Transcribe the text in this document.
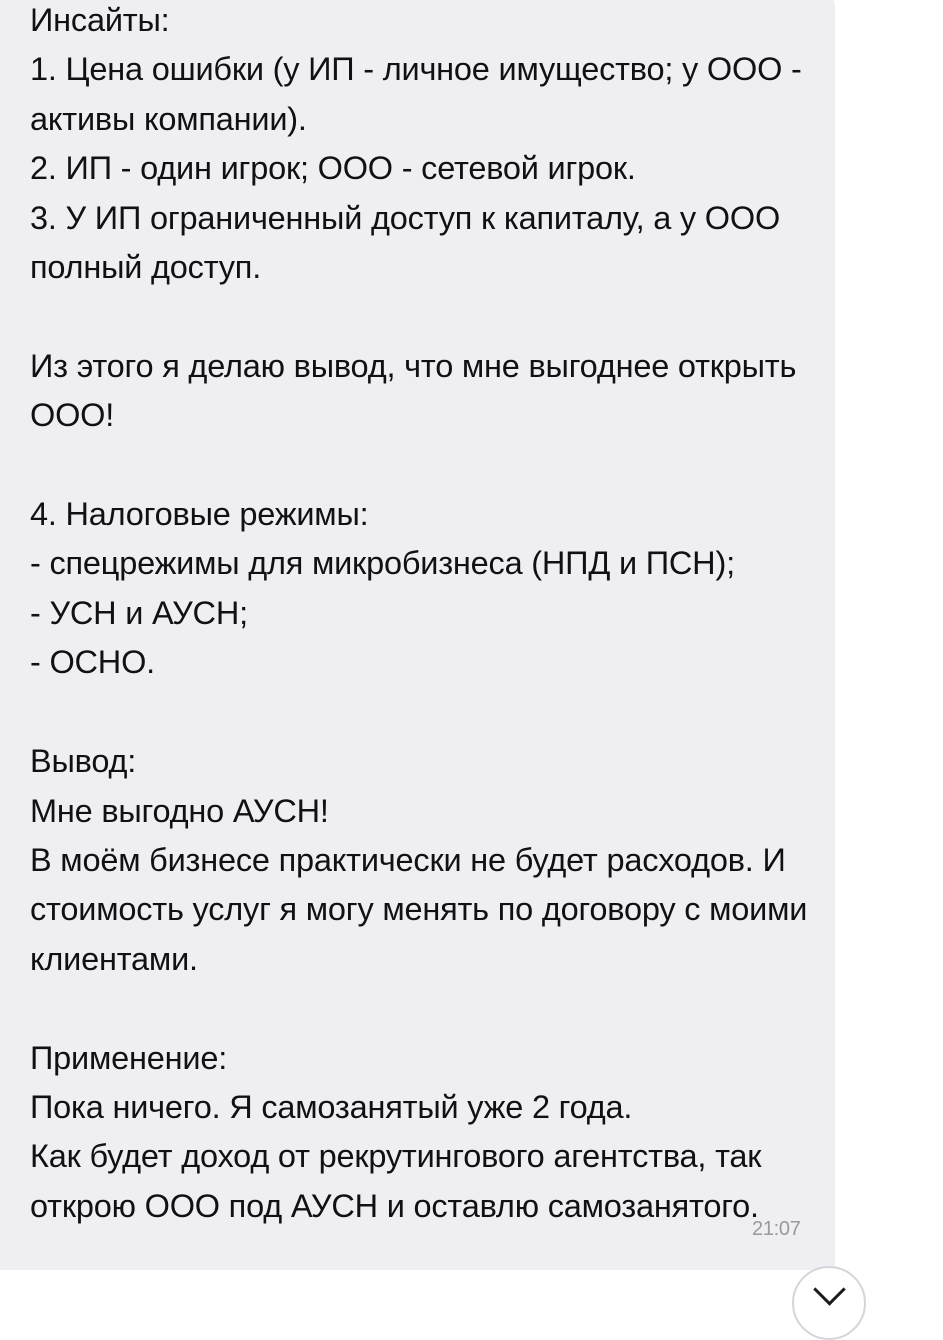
Инсайты:
1. Цена ошибки (у ИП - личное имущество; у ООО - активы компании).
2. ИП - один игрок; ООО - сетевой игрок.
3. У ИП ограниченный доступ к капиталу, а у ООО полный доступ.

Из этого я делаю вывод, что мне выгоднее открыть ООО!

4. Налоговые режимы:
- спецрежимы для микробизнеса (НПД и ПСН);
- УСН и АУСН;
- ОСНО.

Вывод:
Мне выгодно АУСН!
В моём бизнесе практически не будет расходов. И стоимость услуг я могу менять по договору с моими клиентами.

Применение:
Пока ничего. Я самозанятый уже 2 года.
Как будет доход от рекрутингового агентства, так открою ООО под АУСН и оставлю самозанятого.

21:07
